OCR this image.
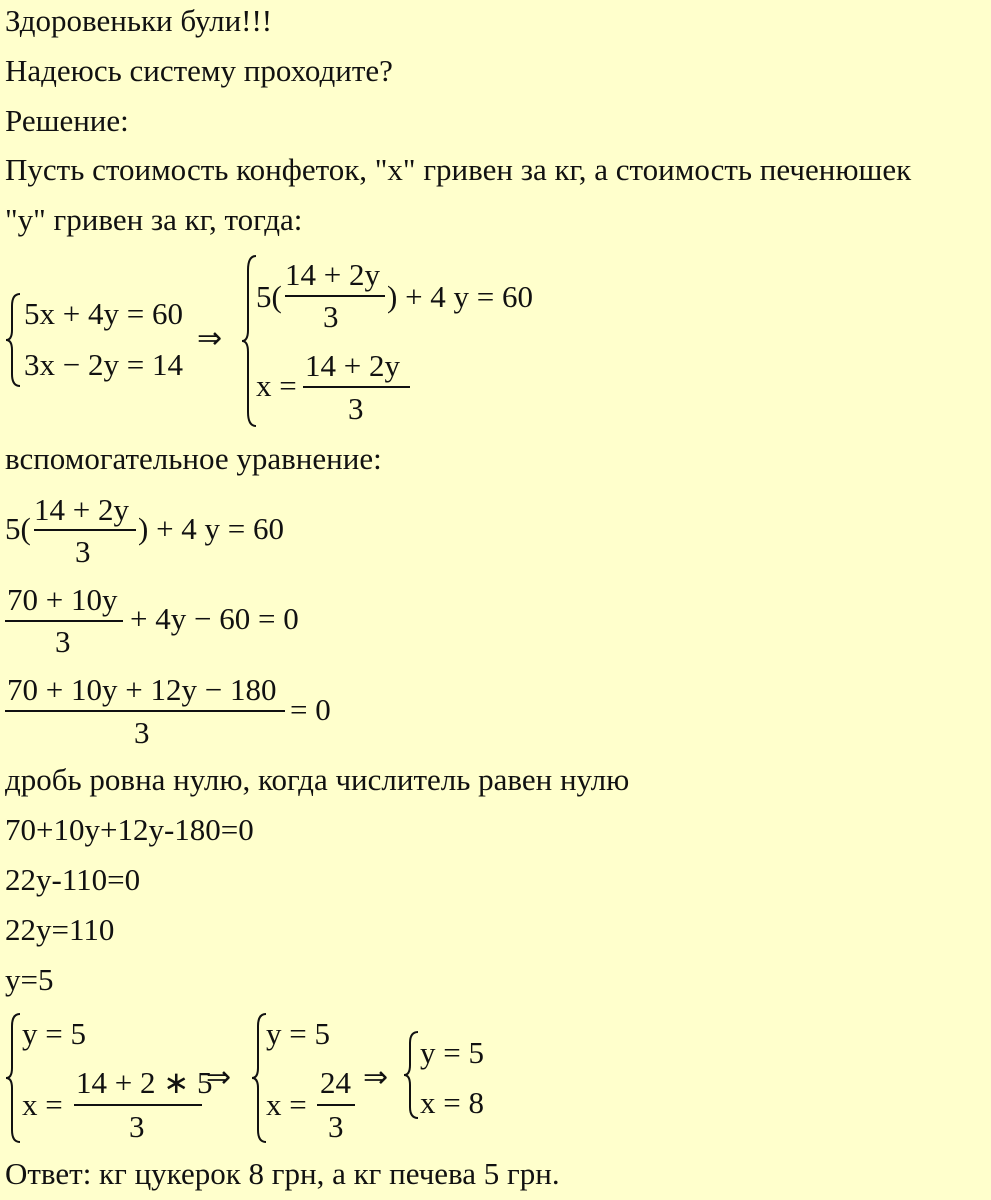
Здоровеньки були!!!
Надеюсь систему проходите?
Решение:
Пусть стоимость конфеток, "x" гривен за кг, а стоимость печенюшек
"y" гривен за кг, тогда:
5x + 4y = 60
3x − 2y = 14
⇒
5(
14 + 2y
3
) + 4 y = 60
x =
14 + 2y
3
вспомогательное уравнение:
5(
14 + 2y
3
) + 4 y = 60
70 + 10y
3
+ 4y − 60 = 0
70 + 10y + 12y − 180
3
= 0
дробь ровна нулю, когда числитель равен нулю
70+10y+12y-180=0
22y-110=0
22y=110
y=5
y = 5
x =
14 + 2 ∗ 5
3
⇒
y = 5
x =
24
3
⇒
y = 5
x = 8
Ответ: кг цукерок 8 грн, а кг печева 5 грн.
